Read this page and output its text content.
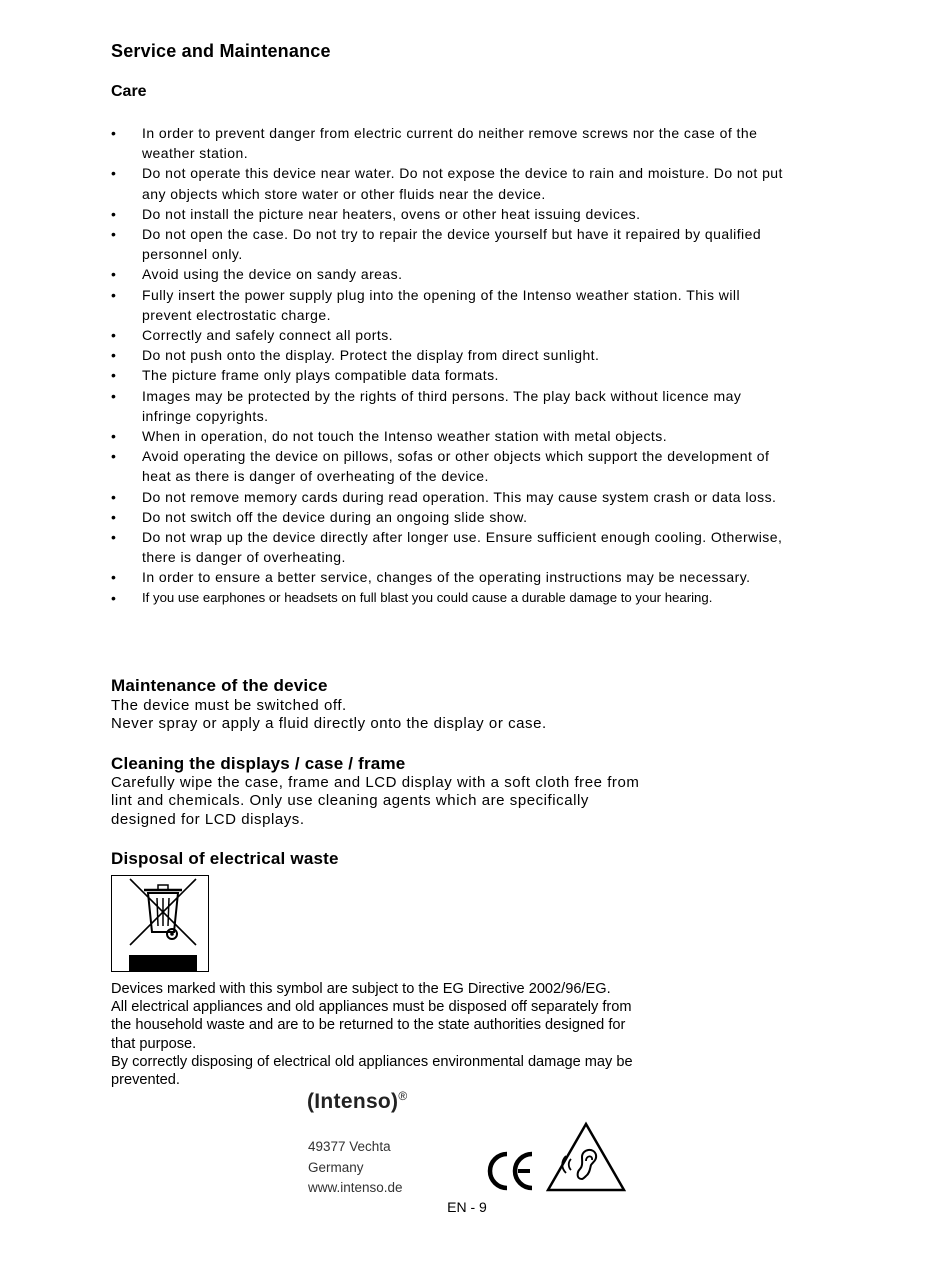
Service and Maintenance
Care
• In order to prevent danger from electric current do neither remove screws nor the case of the weather station.
• Do not operate this device near water. Do not expose the device to rain and moisture. Do not put any objects which store water or other fluids near the device.
• Do not install the picture near heaters, ovens or other heat issuing devices.
• Do not open the case. Do not try to repair the device yourself but have it repaired by qualified personnel only.
• Avoid using the device on sandy areas.
• Fully insert the power supply plug into the opening of the Intenso weather station. This will prevent electrostatic charge.
• Correctly and safely connect all ports.
• Do not push onto the display. Protect the display from direct sunlight.
• The picture frame only plays compatible data formats.
• Images may be protected by the rights of third persons. The play back without licence may infringe copyrights.
• When in operation, do not touch the Intenso weather station with metal objects.
• Avoid operating the device on pillows, sofas or other objects which support the development of heat as there is danger of overheating of the device.
• Do not remove memory cards during read operation. This may cause system crash or data loss.
• Do not switch off the device during an ongoing slide show.
• Do not wrap up the device directly after longer use. Ensure sufficient enough cooling. Otherwise, there is danger of overheating.
• In order to ensure a better service, changes of the operating instructions may be necessary.
• If you use earphones or headsets on full blast you could cause a durable damage to your hearing.
Maintenance of the device

The device must be switched off.

Never spray or apply a fluid directly onto the display or case.

Cleaning the displays / case / frame

Carefully wipe the case, frame and LCD display with a soft cloth free from

lint and chemicals. Only use cleaning agents which are specifically

designed for LCD displays.

Disposal of electrical waste

Devices marked with this symbol are subject to the EG Directive 2002/96/EG.

All electrical appliances and old appliances must be disposed off separately from

the household waste and are to be returned to the state authorities designed for

that purpose.

By correctly disposing of electrical old appliances environmental damage may be

prevented.

(Intenso)®
49377 Vechta
Germany
www.intenso.de
EN - 9
